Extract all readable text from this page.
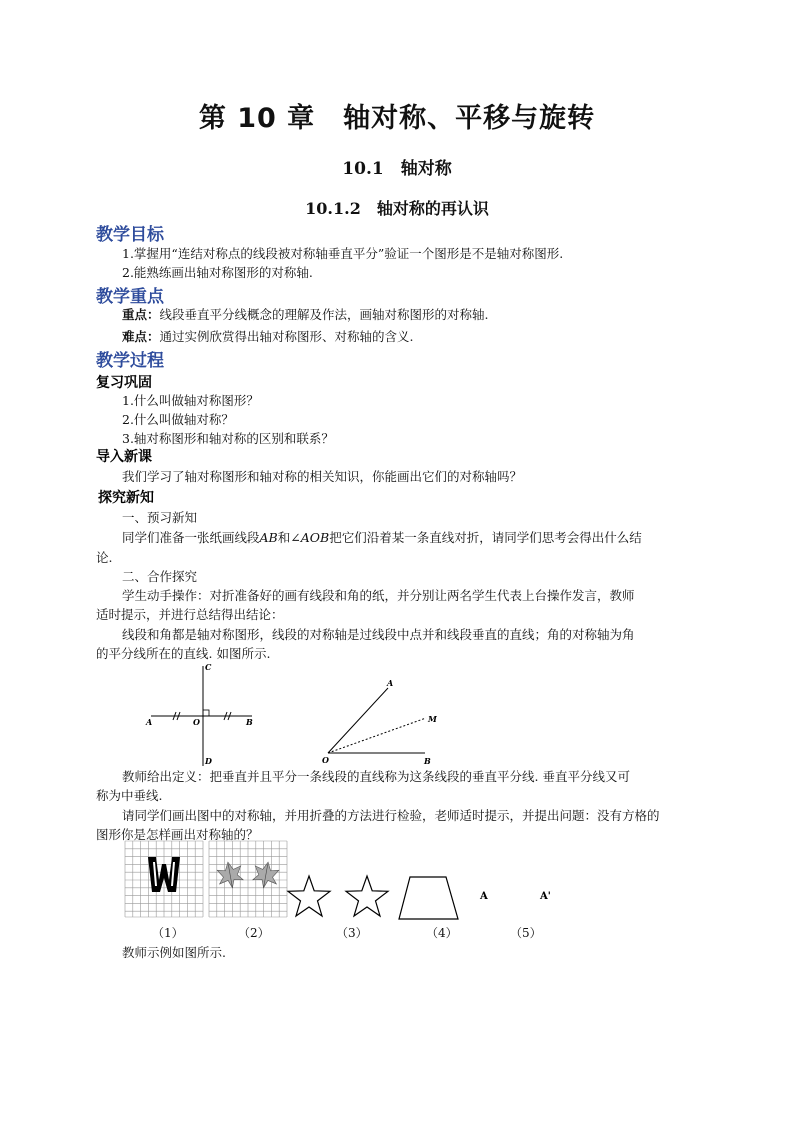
第 10 章　轴对称、平移与旋转
10.1　轴对称
10.1.2　轴对称的再认识
教学目标
1.掌握用“连结对称点的线段被对称轴垂直平分”验证一个图形是不是轴对称图形.
2.能熟练画出轴对称图形的对称轴.
教学重点
重点：线段垂直平分线概念的理解及作法，画轴对称图形的对称轴.
难点：通过实例欣赏得出轴对称图形、对称轴的含义.
教学过程
复习巩固
1.什么叫做轴对称图形？
2.什么叫做轴对称？
3.轴对称图形和轴对称的区别和联系？
导入新课
我们学习了轴对称图形和轴对称的相关知识，你能画出它们的对称轴吗？
探究新知
一、预习新知
同学们准备一张纸画线段AB和∠AOB把它们沿着某一条直线对折，请同学们思考会得出什么结
论.
二、合作探究
学生动手操作：对折准备好的画有线段和角的纸，并分别让两名学生代表上台操作发言，教师
适时提示，并进行总结得出结论：
线段和角都是轴对称图形，线段的对称轴是过线段中点并和线段垂直的直线；角的对称轴为角
的平分线所在的直线. 如图所示.
A	B
C
D
O
O
A
B
M
教师给出定义：把垂直并且平分一条线段的直线称为这条线段的垂直平分线. 垂直平分线又可
称为中垂线.
请同学们画出图中的对称轴，并用折叠的方法进行检验，老师适时提示，并提出问题：没有方格的
图形你是怎样画出对称轴的？
A	A'
（1）	（2）	（3）	（4）	（5）
教师示例如图所示.
